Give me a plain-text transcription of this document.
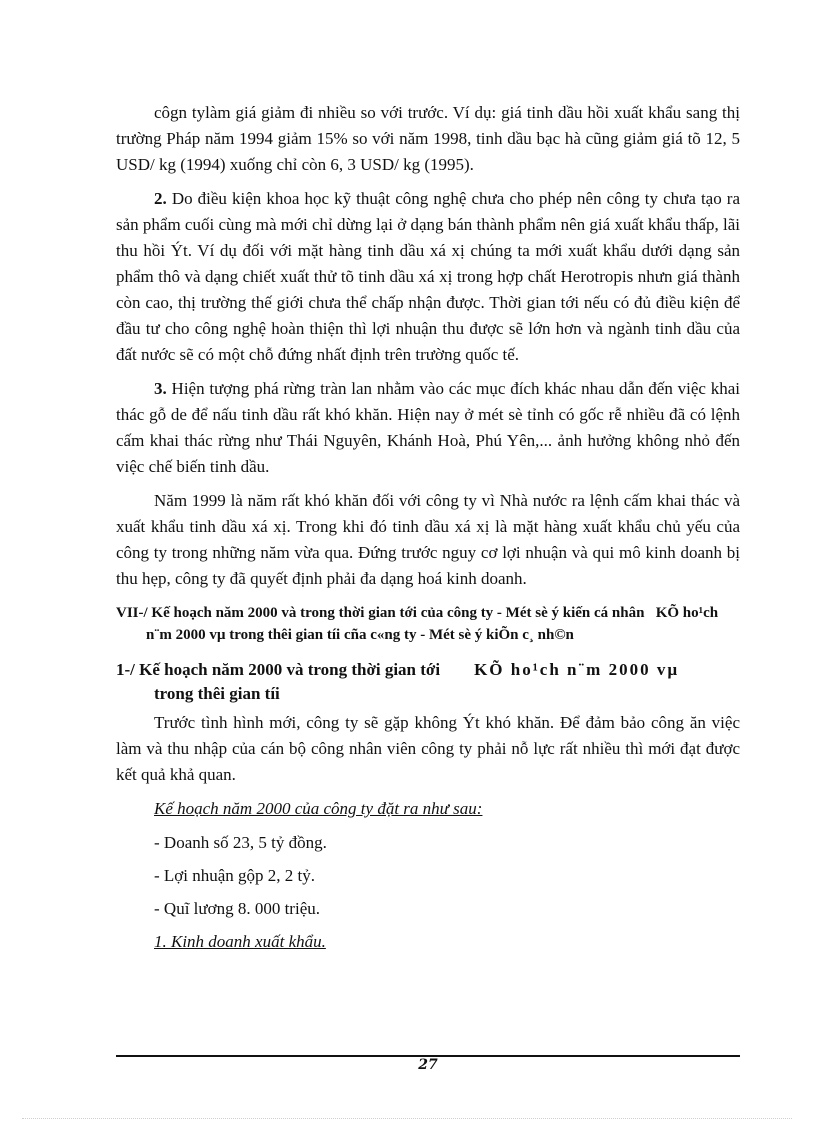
côgn tylàm giá giảm đi nhiều so với trước. Ví dụ: giá tinh dầu hồi xuất khẩu sang thị trường Pháp năm 1994 giảm 15% so với năm 1998, tinh dầu bạc hà cũng giảm giá tõ 12, 5 USD/ kg (1994) xuống chỉ còn 6, 3 USD/ kg (1995).

2. Do điều kiện khoa học kỹ thuật công nghệ chưa cho phép nên công ty chưa tạo ra sản phẩm cuối cùng mà mới chỉ dừng lại ở dạng bán thành phẩm nên giá xuất khẩu thấp, lãi thu hồi Ýt. Ví dụ đối với mặt hàng tinh dầu xá xị chúng ta mới xuất khẩu dưới dạng sản phẩm thô và dạng chiết xuất thử tõ tinh dầu xá xị trong hợp chất Herotropis nhưn giá thành còn cao, thị trường thế giới chưa thể chấp nhận được. Thời gian tới nếu có đủ điều kiện để đầu tư cho công nghệ hoàn thiện thì lợi nhuận thu được sẽ lớn hơn và ngành tinh dầu của đất nước sẽ có một chỗ đứng nhất định trên trường quốc tế.

3. Hiện tượng phá rừng tràn lan nhằm vào các mục đích khác nhau dẫn đến việc khai thác gỗ de để nấu tinh dầu rất khó khăn. Hiện nay ở mét sè tỉnh có gốc rễ nhiều đã có lệnh cấm khai thác rừng như Thái Nguyên, Khánh Hoà, Phú Yên,... ảnh hưởng không nhỏ đến việc chế biến tinh dầu.

Năm 1999 là năm rất khó khăn đối với công ty vì Nhà nước ra lệnh cấm khai thác và xuất khẩu tinh dầu xá xị. Trong khi đó tinh dầu xá xị là mặt hàng xuất khẩu chủ yếu của công ty trong những năm vừa qua. Đứng trước nguy cơ lợi nhuận và qui mô kinh doanh bị thu hẹp, công ty đã quyết định phải đa dạng hoá kinh doanh.

VII-/ Kế hoạch năm 2000 và trong thời gian tới của công ty - Mét sè ý kiến cá nhân KÕ ho¹ch n¨m 2000 vµ trong thêi gian tíi cña c«ng ty - Mét sè ý kiÕn c¸ nh©n

1-/ Kế hoạch năm 2000 và trong thời gian tới KÕ ho¹ch n¨m 2000 vµ
trong thêi gian tíi

Trước tình hình mới, công ty sẽ gặp không Ýt khó khăn. Để đảm bảo công ăn việc làm và thu nhập của cán bộ công nhân viên công ty phải nỗ lực rất nhiều thì mới đạt được kết quả khả quan.

Kế hoạch năm 2000 của công ty đặt ra như sau:

- Doanh số 23, 5 tỷ đồng.

- Lợi nhuận gộp 2, 2 tỷ.

- Quĩ lương 8. 000 triệu.

1. Kinh doanh xuất khẩu.

27
